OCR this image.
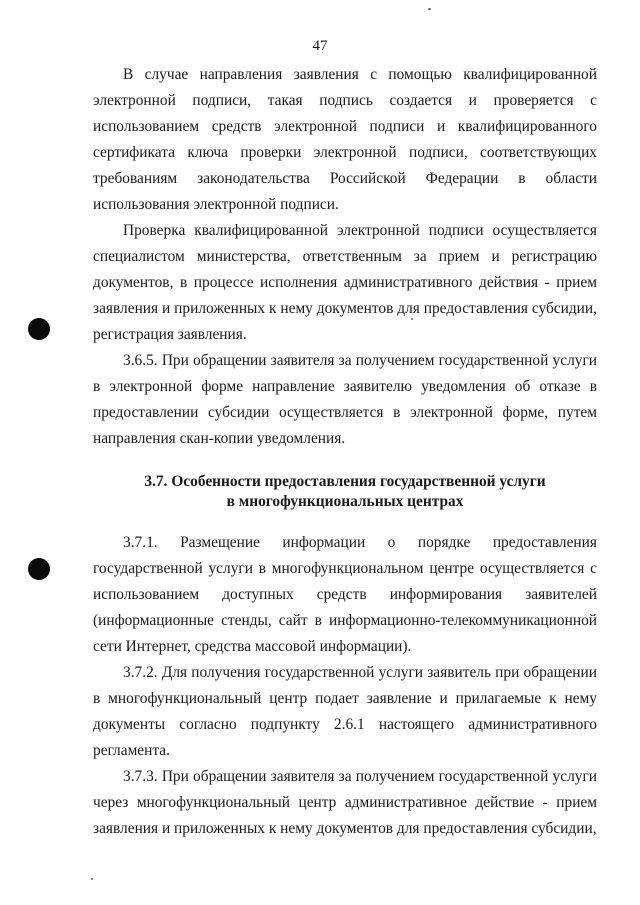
47

В случае направления заявления с помощью квалифицированной электронной подписи, такая подпись создается и проверяется с использованием средств электронной подписи и квалифицированного сертификата ключа проверки электронной подписи, соответствующих требованиям законодательства Российской Федерации в области использования электронной подписи.

Проверка квалифицированной электронной подписи осуществляется специалистом министерства, ответственным за прием и регистрацию документов, в процессе исполнения административного действия - прием заявления и приложенных к нему документов для предоставления субсидии, регистрация заявления.

3.6.5. При обращении заявителя за получением государственной услуги в электронной форме направление заявителю уведомления об отказе в предоставлении субсидии осуществляется в электронной форме, путем направления скан-копии уведомления.

3.7. Особенности предоставления государственной услуги
в многофункциональных центрах

3.7.1. Размещение информации о порядке предоставления государственной услуги в многофункциональном центре осуществляется с использованием доступных средств информирования заявителей (информационные стенды, сайт в информационно-телекоммуникационной сети Интернет, средства массовой информации).

3.7.2. Для получения государственной услуги заявитель при обращении в многофункциональный центр подает заявление и прилагаемые к нему документы согласно подпункту 2.6.1 настоящего административного регламента.

3.7.3. При обращении заявителя за получением государственной услуги через многофункциональный центр административное действие - прием заявления и приложенных к нему документов для предоставления субсидии,
